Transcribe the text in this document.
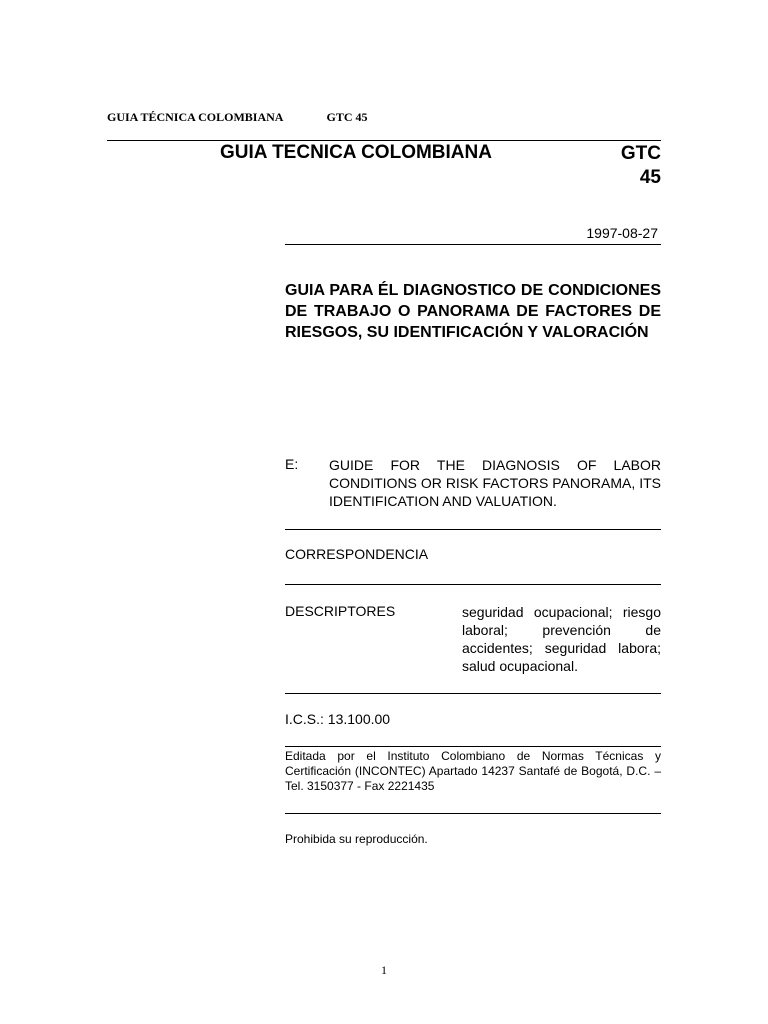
GUIA TÉCNICA COLOMBIANA	GTC 45
GUIA TECNICA COLOMBIANA	GTC
45
1997-08-27
GUIA PARA ÉL DIAGNOSTICO DE CONDICIONES DE TRABAJO O PANORAMA DE FACTORES DE RIESGOS, SU IDENTIFICACIÓN Y VALORACIÓN
E: GUIDE FOR THE DIAGNOSIS OF LABOR CONDITIONS OR RISK FACTORS PANORAMA, ITS IDENTIFICATION AND VALUATION.
CORRESPONDENCIA
DESCRIPTORES	seguridad ocupacional; riesgo laboral; prevención de accidentes; seguridad labora; salud ocupacional.
I.C.S.: 13.100.00
Editada por el Instituto Colombiano de Normas Técnicas y Certificación (INCONTEC) Apartado 14237 Santafé de Bogotá, D.C. –Tel. 3150377 - Fax 2221435
Prohibida su reproducción.
1
